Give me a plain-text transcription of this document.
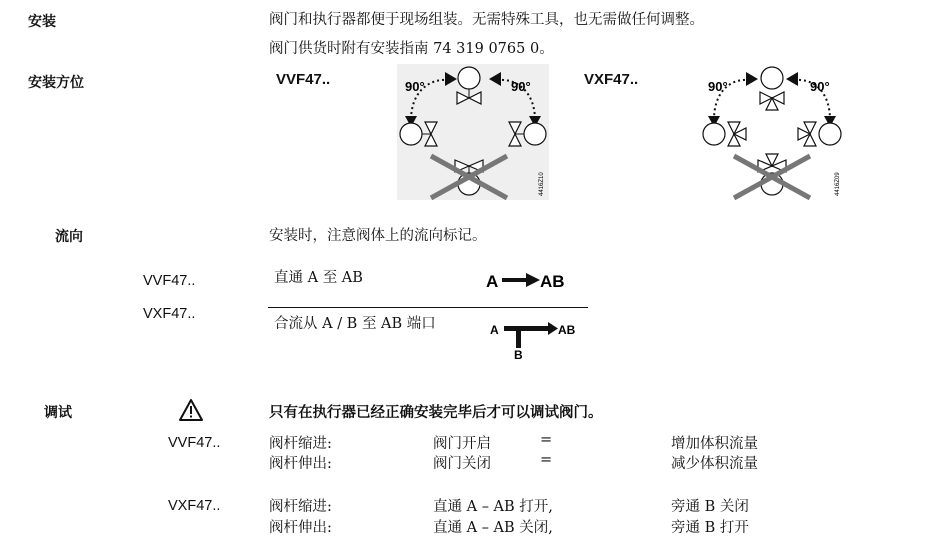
安装	阀门和执行器都便于现场组装。无需特殊工具，也无需做任何调整。
阀门供货时附有安装指南 74 319 0765 0。
安装方位	VVF47..	VXF47..
90°	90°
4416Z10
90°	90°
4416Z09
流向	安装时，注意阀体上的流向标记。
VVF47..	直通 A 至 AB	A AB
VXF47..
合流从 A / B 至 AB 端口	A	AB
B
调试	只有在执行器已经正确安装完毕后才可以调试阀门。
VVF47..	阀杆缩进:	阀门开启	=	增加体积流量
阀杆伸出:	阀门关闭	=	减少体积流量
VXF47..	阀杆缩进:	直通 A – AB 打开,	旁通 B 关闭
阀杆伸出:	直通 A – AB 关闭,	旁通 B 打开
